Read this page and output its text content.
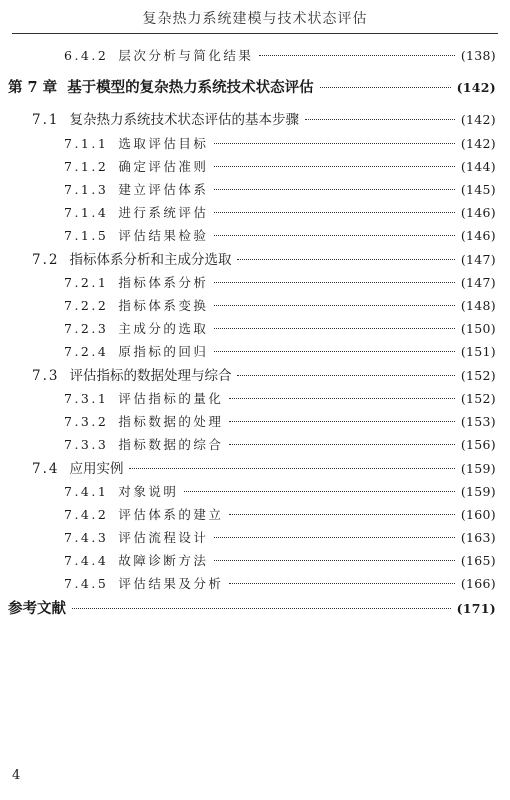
复杂热力系统建模与技术状态评估
6.4.2 层次分析与简化结果	(138)
第 7 章 基于模型的复杂热力系统技术状态评估	(142)
7.1 复杂热力系统技术状态评估的基本步骤	(142)
7.1.1 选取评估目标	(142)
7.1.2 确定评估准则	(144)
7.1.3 建立评估体系	(145)
7.1.4 进行系统评估	(146)
7.1.5 评估结果检验	(146)
7.2 指标体系分析和主成分选取	(147)
7.2.1 指标体系分析	(147)
7.2.2 指标体系变换	(148)
7.2.3 主成分的选取	(150)
7.2.4 原指标的回归	(151)
7.3 评估指标的数据处理与综合	(152)
7.3.1 评估指标的量化	(152)
7.3.2 指标数据的处理	(153)
7.3.3 指标数据的综合	(156)
7.4 应用实例	(159)
7.4.1 对象说明	(159)
7.4.2 评估体系的建立	(160)
7.4.3 评估流程设计	(163)
7.4.4 故障诊断方法	(165)
7.4.5 评估结果及分析	(166)
参考文献	(171)
4
